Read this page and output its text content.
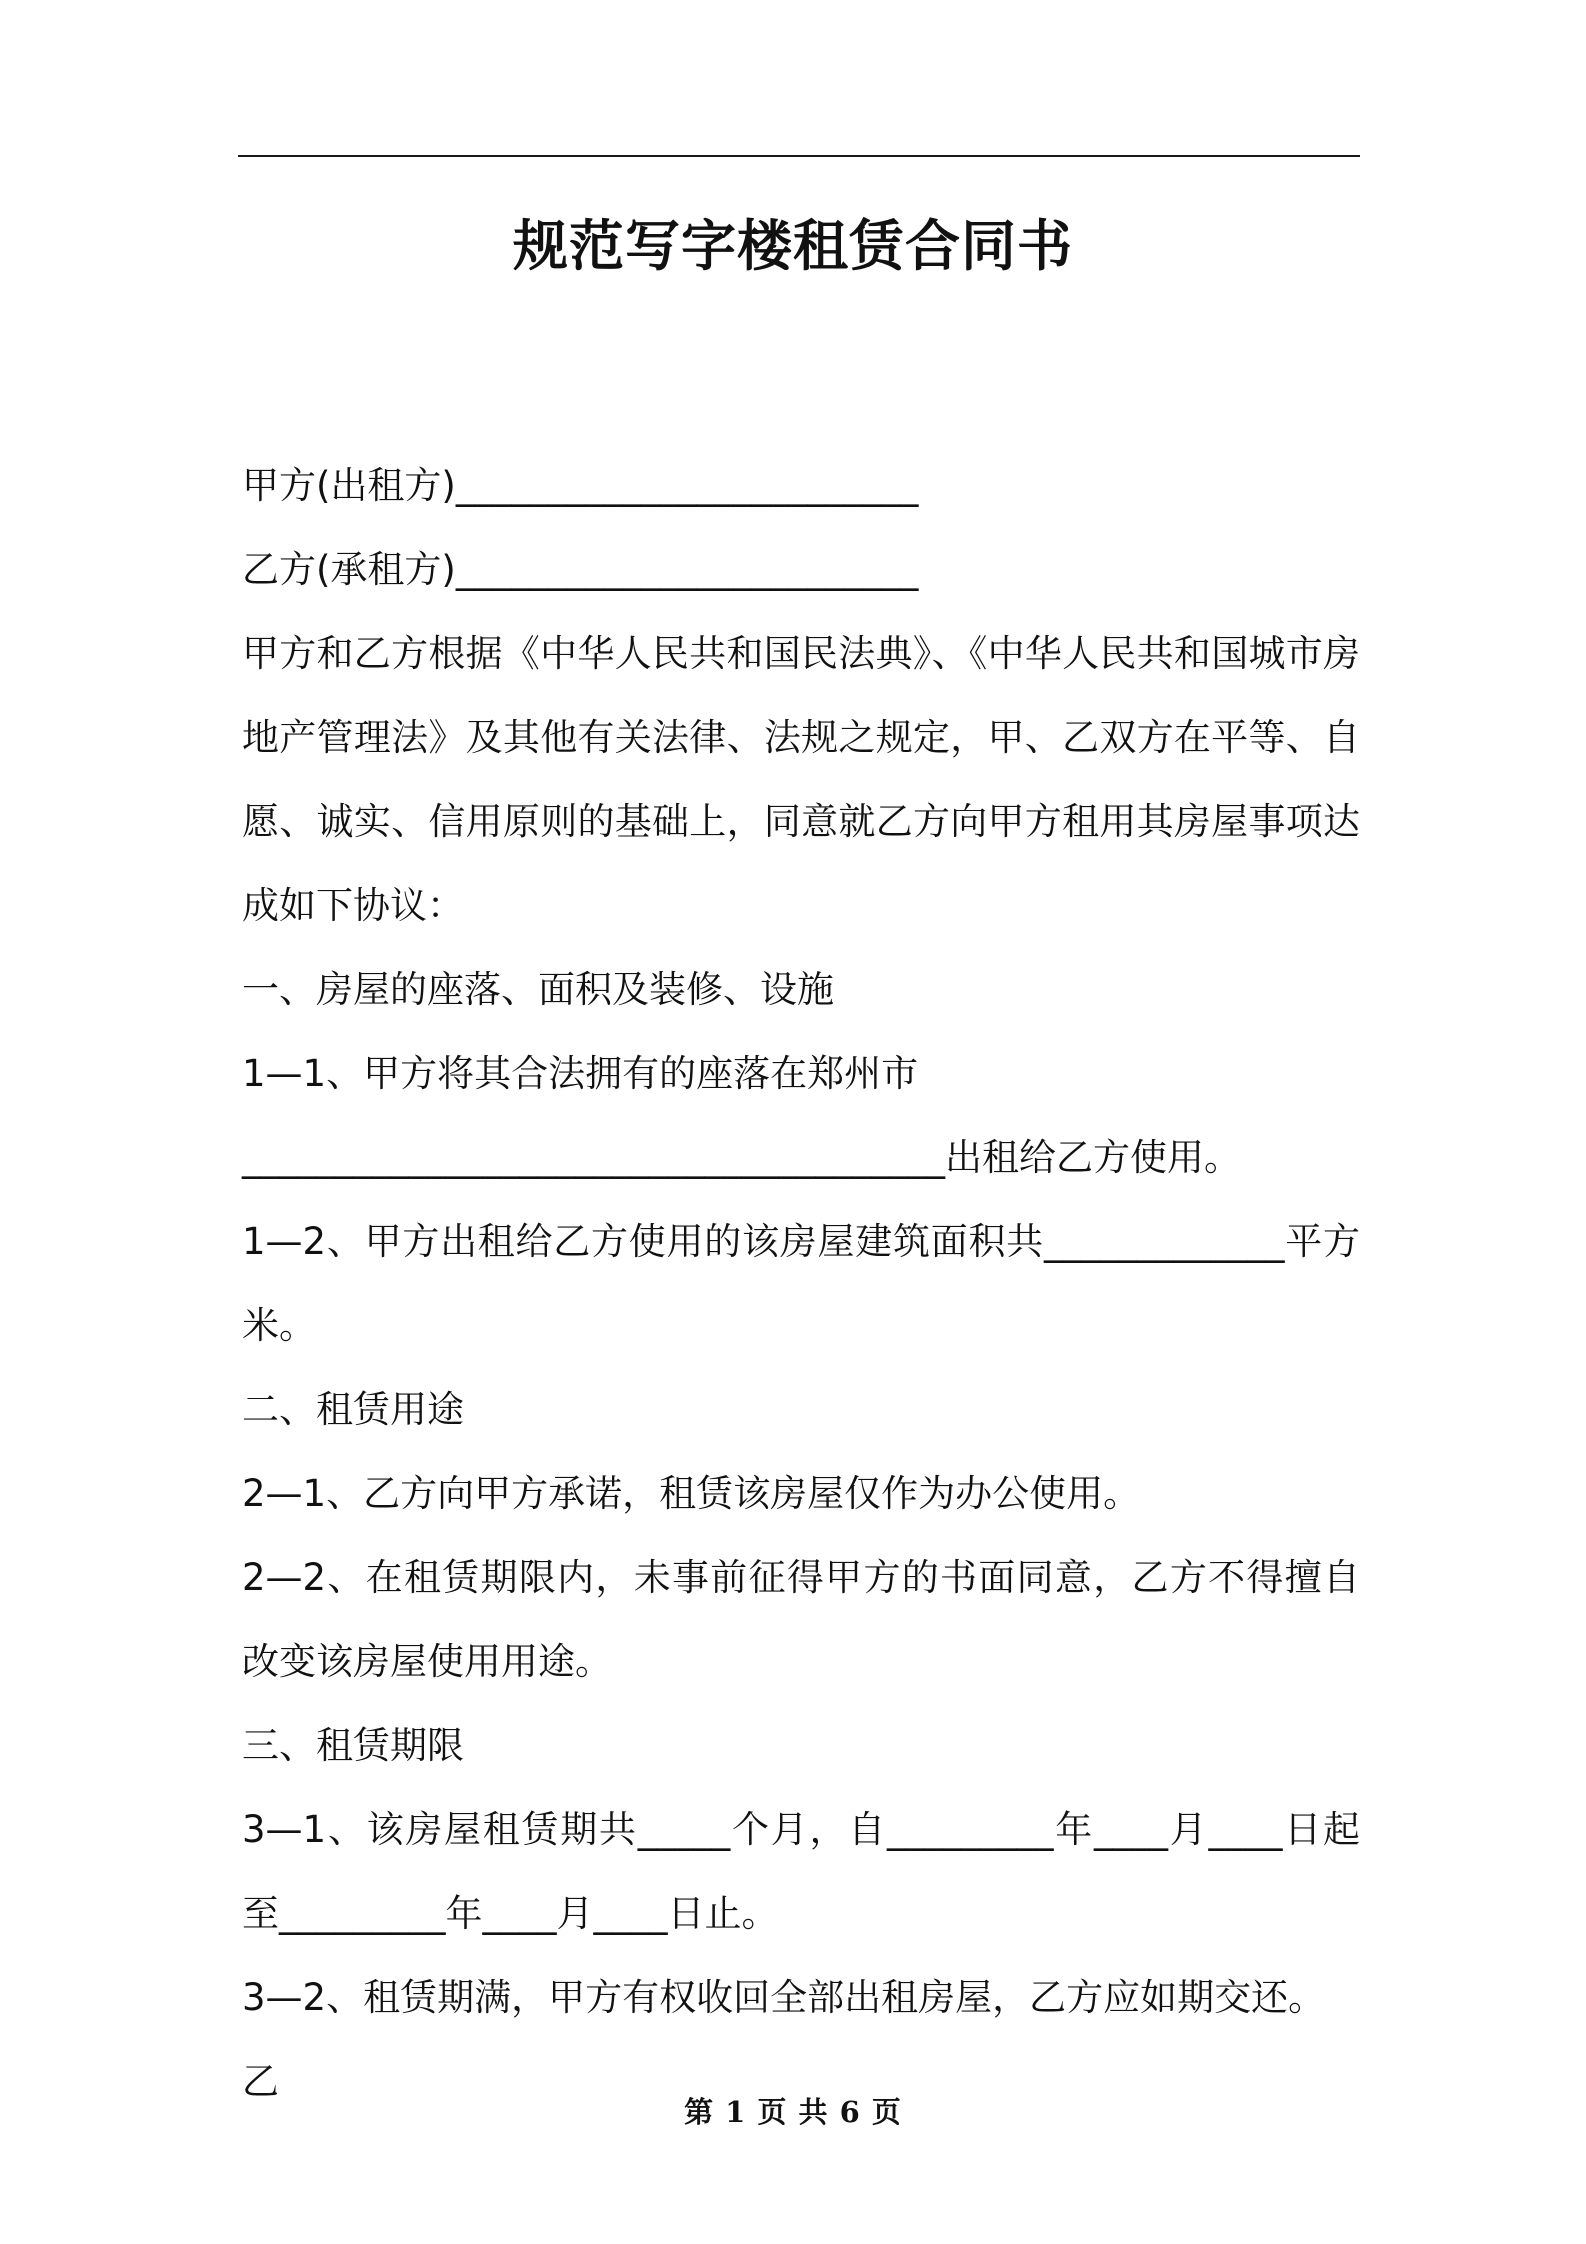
规范写字楼租赁合同书

甲方(出租方)_________________________

乙方(承租方)_________________________

甲方和乙方根据《中华人民共和国民法典》、《中华人民共和国城市房地产管理法》及其他有关法律、法规之规定，甲、乙双方在平等、自愿、诚实、信用原则的基础上，同意就乙方向甲方租用其房屋事项达成如下协议：

一、房屋的座落、面积及装修、设施

1—1、甲方将其合法拥有的座落在郑州市

______________________________________出租给乙方使用。

1—2、甲方出租给乙方使用的该房屋建筑面积共_____________平方米。

二、租赁用途

2—1、乙方向甲方承诺，租赁该房屋仅作为办公使用。

2—2、在租赁期限内，未事前征得甲方的书面同意，乙方不得擅自改变该房屋使用用途。

三、租赁期限

3—1、该房屋租赁期共_____个月，自_________年____月____日起至_________年____月____日止。

3—2、租赁期满，甲方有权收回全部出租房屋，乙方应如期交还。乙

第 1 页 共 6 页
